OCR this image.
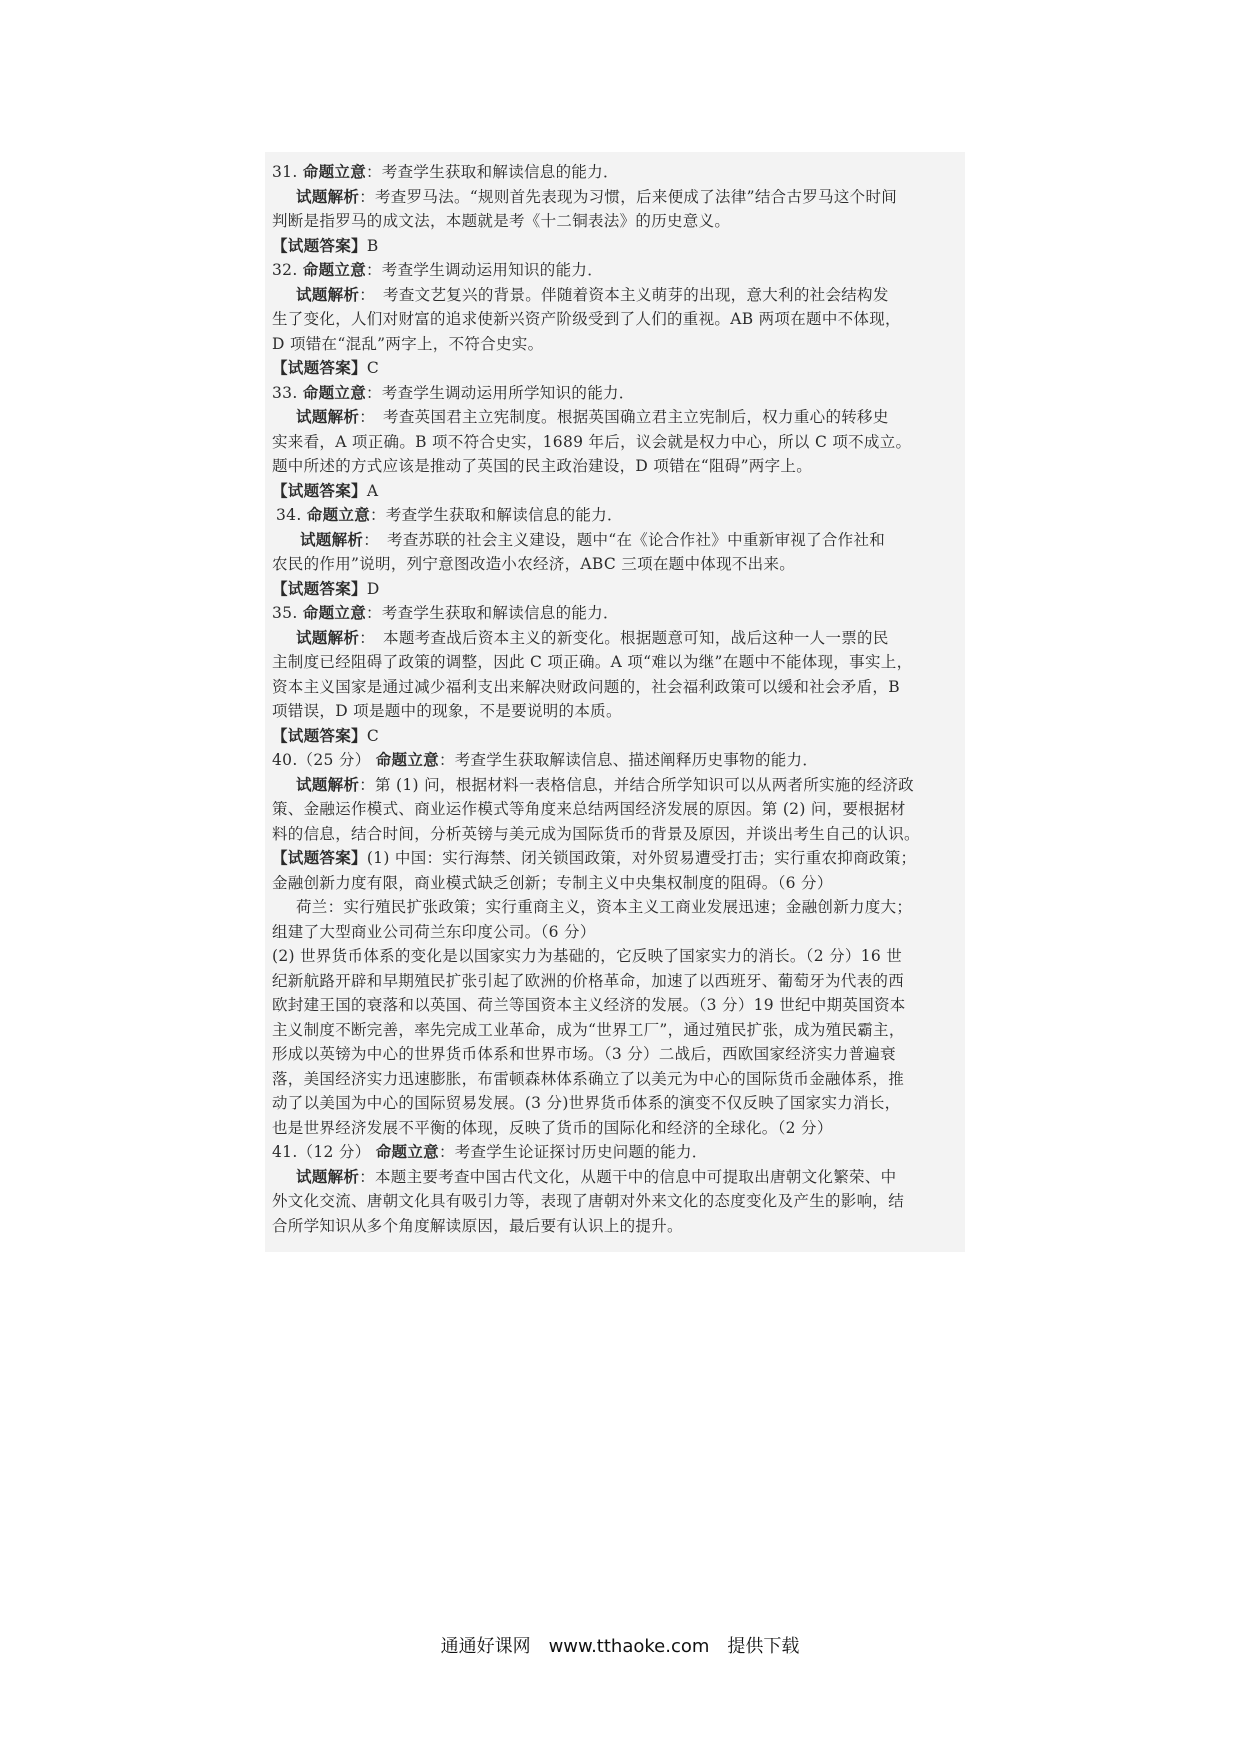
31. 命题立意：考查学生获取和解读信息的能力．
试题解析：考查罗马法。“规则首先表现为习惯，后来便成了法律”结合古罗马这个时间
判断是指罗马的成文法，本题就是考《十二铜表法》的历史意义。
【试题答案】B
32. 命题立意：考查学生调动运用知识的能力．
试题解析：　考查文艺复兴的背景。伴随着资本主义萌芽的出现，意大利的社会结构发
生了变化，人们对财富的追求使新兴资产阶级受到了人们的重视。AB 两项在题中不体现，
D 项错在“混乱”两字上，不符合史实。
【试题答案】C
33. 命题立意：考查学生调动运用所学知识的能力．
试题解析：　考查英国君主立宪制度。根据英国确立君主立宪制后，权力重心的转移史
实来看，A 项正确。B 项不符合史实，1689 年后，议会就是权力中心，所以 C 项不成立。
题中所述的方式应该是推动了英国的民主政治建设，D 项错在“阻碍”两字上。
【试题答案】A
34. 命题立意：考查学生获取和解读信息的能力．
试题解析：　考查苏联的社会主义建设，题中“在《论合作社》中重新审视了合作社和
农民的作用”说明，列宁意图改造小农经济，ABC 三项在题中体现不出来。
【试题答案】D
35. 命题立意：考查学生获取和解读信息的能力．
试题解析：　本题考查战后资本主义的新变化。根据题意可知，战后这种一人一票的民
主制度已经阻碍了政策的调整，因此 C 项正确。A 项“难以为继”在题中不能体现，事实上，
资本主义国家是通过减少福利支出来解决财政问题的，社会福利政策可以缓和社会矛盾，B
项错误，D 项是题中的现象，不是要说明的本质。
【试题答案】C
40.（25 分） 命题立意：考查学生获取解读信息、描述阐释历史事物的能力．
试题解析：第 (1) 问，根据材料一表格信息，并结合所学知识可以从两者所实施的经济政
策、金融运作模式、商业运作模式等角度来总结两国经济发展的原因。第 (2) 问，要根据材
料的信息，结合时间，分析英镑与美元成为国际货币的背景及原因，并谈出考生自己的认识。
【试题答案】(1) 中国：实行海禁、闭关锁国政策，对外贸易遭受打击；实行重农抑商政策；
金融创新力度有限，商业模式缺乏创新；专制主义中央集权制度的阻碍。（6 分）
荷兰：实行殖民扩张政策；实行重商主义，资本主义工商业发展迅速；金融创新力度大；
组建了大型商业公司荷兰东印度公司。（6 分）
(2) 世界货币体系的变化是以国家实力为基础的，它反映了国家实力的消长。（2 分）16 世
纪新航路开辟和早期殖民扩张引起了欧洲的价格革命，加速了以西班牙、葡萄牙为代表的西
欧封建王国的衰落和以英国、荷兰等国资本主义经济的发展。（3 分）19 世纪中期英国资本
主义制度不断完善，率先完成工业革命，成为“世界工厂”，通过殖民扩张，成为殖民霸主，
形成以英镑为中心的世界货币体系和世界市场。（3 分）二战后，西欧国家经济实力普遍衰
落，美国经济实力迅速膨胀，布雷顿森林体系确立了以美元为中心的国际货币金融体系，推
动了以美国为中心的国际贸易发展。(3 分)世界货币体系的演变不仅反映了国家实力消长，
也是世界经济发展不平衡的体现，反映了货币的国际化和经济的全球化。（2 分）
41.（12 分） 命题立意：考查学生论证探讨历史问题的能力．
试题解析：本题主要考查中国古代文化，从题干中的信息中可提取出唐朝文化繁荣、中
外文化交流、唐朝文化具有吸引力等，表现了唐朝对外来文化的态度变化及产生的影响，结
合所学知识从多个角度解读原因，最后要有认识上的提升。
通通好课网　www.tthaoke.com　提供下载
